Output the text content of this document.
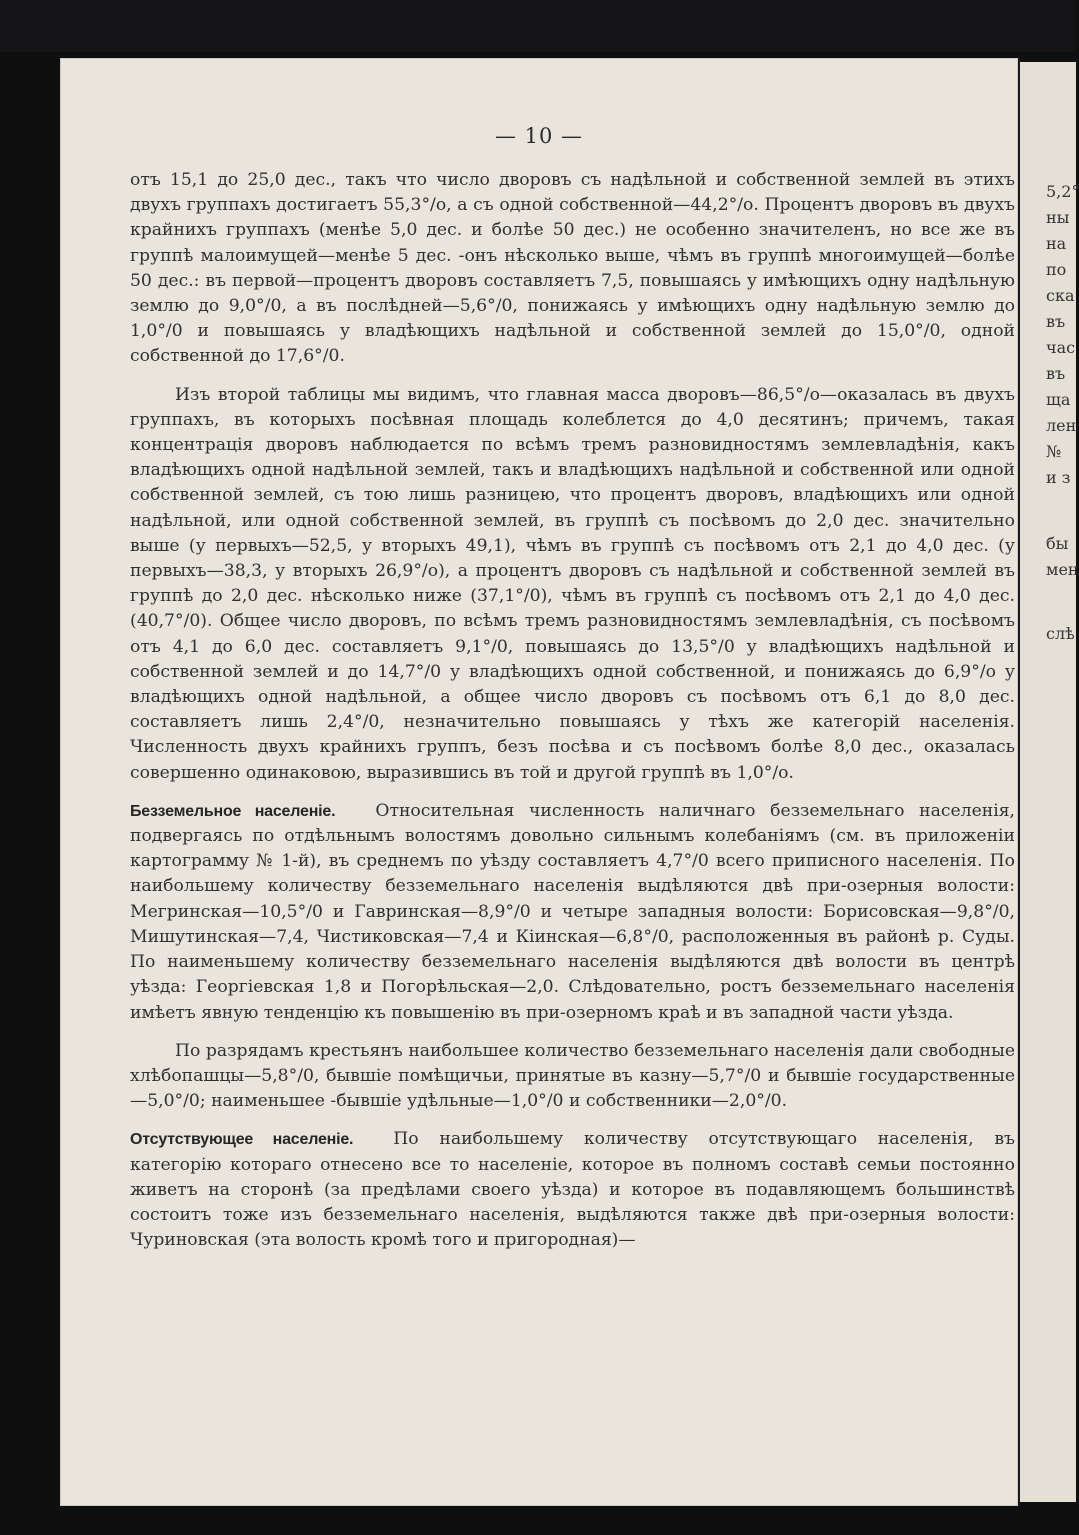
5,2°
ны
на
по
ска
въ
час
въ
ща
лен
№
и з
бы
мен
слѣ
— 10 —

отъ 15,1 до 25,0 дес., такъ что число дворовъ съ надѣльной и собственной землей въ этихъ двухъ группахъ достигаетъ 55,3°/о, а съ одной собственной—44,2°/о. Процентъ дворовъ въ двухъ крайнихъ группахъ (менѣе 5,0 дес. и болѣе 50 дес.) не особенно значителенъ, но все же въ группѣ малоимущей—менѣе 5 дес. -онъ нѣсколько выше, чѣмъ въ группѣ многоимущей—болѣе 50 дес.: въ первой—процентъ дворовъ составляетъ 7,5, повышаясь у имѣющихъ одну надѣльную землю до 9,0°/0, а въ послѣдней—5,6°/0, понижаясь у имѣющихъ одну надѣльную землю до 1,0°/0 и повышаясь у владѣющихъ надѣльной и собственной землей до 15,0°/0, одной собственной до 17,6°/0.

Изъ второй таблицы мы видимъ, что главная масса дворовъ—86,5°/о—оказалась въ двухъ группахъ, въ которыхъ посѣвная площадь колеблется до 4,0 десятинъ; причемъ, такая концентрація дворовъ наблюдается по всѣмъ тремъ разновидностямъ землевладѣнія, какъ владѣющихъ одной надѣльной землей, такъ и владѣющихъ надѣльной и собственной или одной собственной землей, съ тою лишь разницею, что процентъ дворовъ, владѣющихъ или одной надѣльной, или одной собственной землей, въ группѣ съ посѣвомъ до 2,0 дес. значительно выше (у первыхъ—52,5, у вторыхъ 49,1), чѣмъ въ группѣ съ посѣвомъ отъ 2,1 до 4,0 дес. (у первыхъ—38,3, у вторыхъ 26,9°/о), а процентъ дворовъ съ надѣльной и собственной землей въ группѣ до 2,0 дес. нѣсколько ниже (37,1°/0), чѣмъ въ группѣ съ посѣвомъ отъ 2,1 до 4,0 дес. (40,7°/0). Общее число дворовъ, по всѣмъ тремъ разновидностямъ землевладѣнія, съ посѣвомъ отъ 4,1 до 6,0 дес. составляетъ 9,1°/0, повышаясь до 13,5°/0 у владѣющихъ надѣльной и собственной землей и до 14,7°/0 у владѣющихъ одной собственной, и понижаясь до 6,9°/о у владѣющихъ одной надѣльной, а общее число дворовъ съ посѣвомъ отъ 6,1 до 8,0 дес. составляетъ лишь 2,4°/0, незначительно повышаясь у тѣхъ же категорій населенія. Численность двухъ крайнихъ группъ, безъ посѣва и съ посѣвомъ болѣе 8,0 дес., оказалась совершенно одинаковою, выразившись въ той и другой группѣ въ 1,0°/о.

Безземельное населеніе. Относительная численность наличнаго безземельнаго населенія, подвергаясь по отдѣльнымъ волостямъ довольно сильнымъ колебаніямъ (см. въ приложеніи картограмму № 1-й), въ среднемъ по уѣзду составляетъ 4,7°/0 всего приписного населенія. По наибольшему количеству безземельнаго населенія выдѣляются двѣ при-озерныя волости: Мегринская—10,5°/0 и Гавринская—8,9°/0 и четыре западныя волости: Борисовская—9,8°/0, Мишутинская—7,4, Чистиковская—7,4 и Кіинская—6,8°/0, расположенныя въ районѣ р. Суды. По наименьшему количеству безземельнаго населенія выдѣляются двѣ волости въ центрѣ уѣзда: Георгіевская 1,8 и Погорѣльская—2,0. Слѣдовательно, ростъ безземельнаго населенія имѣетъ явную тенденцію къ повышенію въ при-озерномъ краѣ и въ западной части уѣзда.

По разрядамъ крестьянъ наибольшее количество безземельнаго населенія дали свободные хлѣбопашцы—5,8°/0, бывшіе помѣщичьи, принятые въ казну—5,7°/0 и бывшіе государственные—5,0°/0; наименьшее -бывшіе удѣльные—1,0°/0 и собственники—2,0°/0.

Отсутствующее населеніе. По наибольшему количеству отсутствующаго населенія, въ категорію котораго отнесено все то населеніе, которое въ полномъ составѣ семьи постоянно живетъ на сторонѣ (за предѣлами своего уѣзда) и которое въ подавляющемъ большинствѣ состоитъ тоже изъ безземельнаго населенія, выдѣляются также двѣ при-озерныя волости: Чуриновская (эта волость кромѣ того и пригородная)—
